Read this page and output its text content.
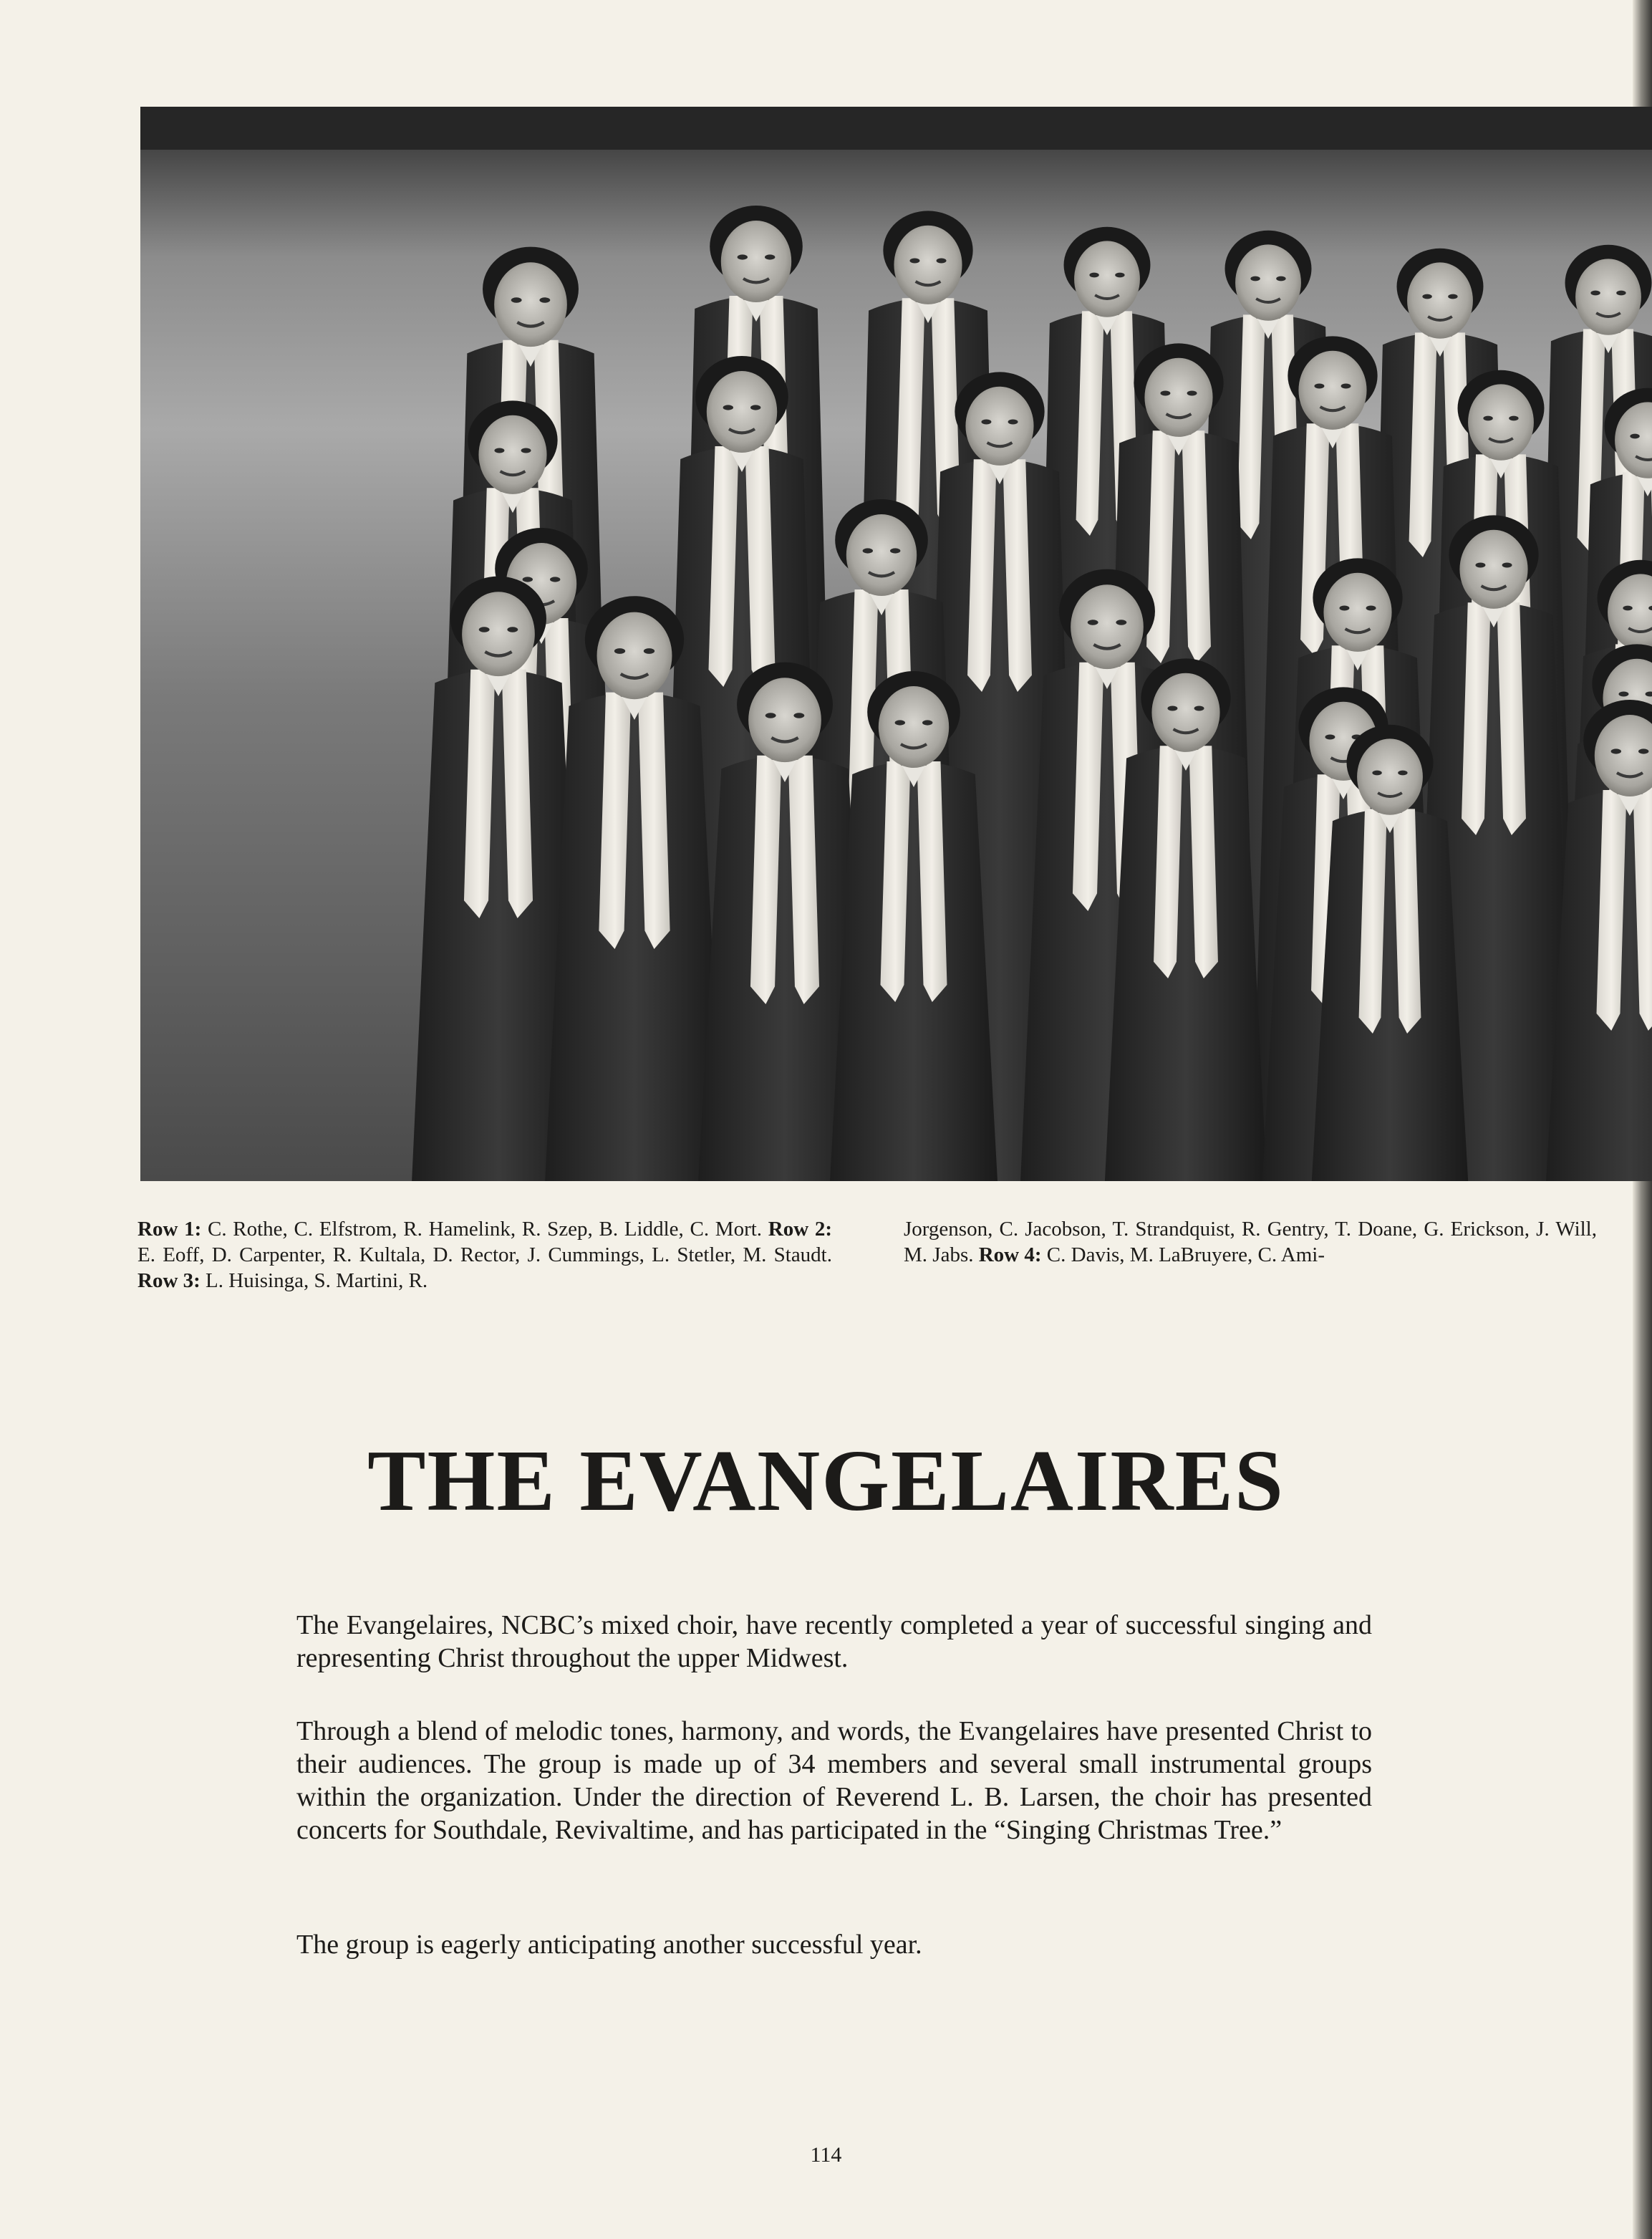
Row 1: C. Rothe, C. Elfstrom, R. Hamelink, R. Szep, B. Liddle, C. Mort. Row 2: E. Eoff, D. Carpenter, R. Kultala, D. Rector, J. Cummings, L. Stetler, M. Staudt. Row 3: L. Huisinga, S. Martini, R.
Jorgenson, C. Jacobson, T. Strandquist, R. Gentry, T. Doane, G. Erickson, J. Will, M. Jabs. Row 4: C. Davis, M. LaBruyere, C. Ami-
THE EVANGELAIRES
The Evangelaires, NCBC’s mixed choir, have recently completed a year of successful singing and representing Christ throughout the upper Midwest.
Through a blend of melodic tones, harmony, and words, the Evangelaires have presented Christ to their audiences. The group is made up of 34 members and several small instrumental groups within the organization. Under the direction of Reverend L. B. Larsen, the choir has presented concerts for Southdale, Revivaltime, and has participated in the “Singing Christmas Tree.”
The group is eagerly anticipating another successful year.
114
